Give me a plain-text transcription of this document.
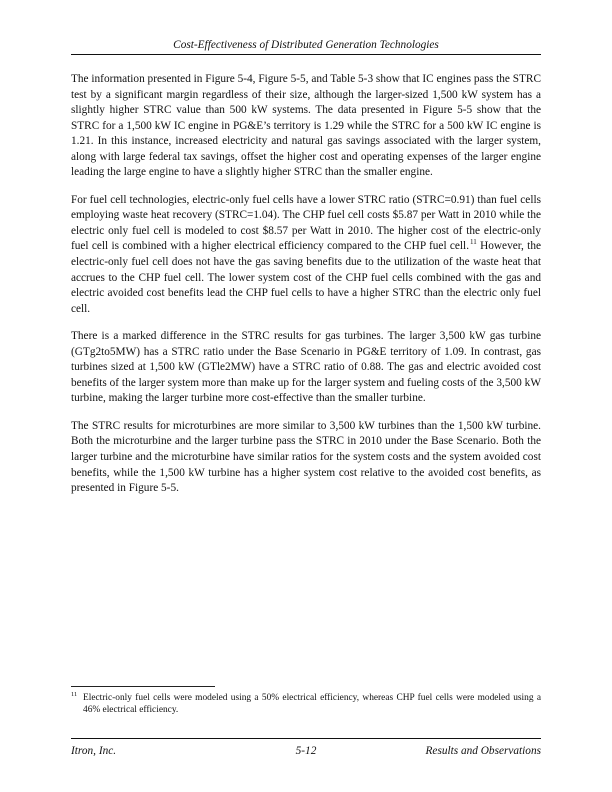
Cost-Effectiveness of Distributed Generation Technologies

The information presented in Figure 5-4, Figure 5-5, and Table 5-3 show that IC engines pass the STRC test by a significant margin regardless of their size, although the larger-sized 1,500 kW system has a slightly higher STRC value than 500 kW systems. The data presented in Figure 5-5 show that the STRC for a 1,500 kW IC engine in PG&E’s territory is 1.29 while the STRC for a 500 kW IC engine is 1.21. In this instance, increased electricity and natural gas savings associated with the larger system, along with large federal tax savings, offset the higher cost and operating expenses of the larger engine leading the large engine to have a slightly higher STRC than the smaller engine.

For fuel cell technologies, electric-only fuel cells have a lower STRC ratio (STRC=0.91) than fuel cells employing waste heat recovery (STRC=1.04). The CHP fuel cell costs $5.87 per Watt in 2010 while the electric only fuel cell is modeled to cost $8.57 per Watt in 2010. The higher cost of the electric-only fuel cell is combined with a higher electrical efficiency compared to the CHP fuel cell.$^{11}$ However, the electric-only fuel cell does not have the gas saving benefits due to the utilization of the waste heat that accrues to the CHP fuel cell. The lower system cost of the CHP fuel cells combined with the gas and electric avoided cost benefits lead the CHP fuel cells to have a higher STRC than the electric only fuel cell.

There is a marked difference in the STRC results for gas turbines. The larger 3,500 kW gas turbine (GTg2to5MW) has a STRC ratio under the Base Scenario in PG&E territory of 1.09. In contrast, gas turbines sized at 1,500 kW (GTle2MW) have a STRC ratio of 0.88. The gas and electric avoided cost benefits of the larger system more than make up for the larger system and fueling costs of the 3,500 kW turbine, making the larger turbine more cost-effective than the smaller turbine.

The STRC results for microturbines are more similar to 3,500 kW turbines than the 1,500 kW turbine. Both the microturbine and the larger turbine pass the STRC in 2010 under the Base Scenario. Both the larger turbine and the microturbine have similar ratios for the system costs and the system avoided cost benefits, while the 1,500 kW turbine has a higher system cost relative to the avoided cost benefits, as presented in Figure 5-5.

11 Electric-only fuel cells were modeled using a 50% electrical efficiency, whereas CHP fuel cells were modeled using a 46% electrical efficiency.
Itron, Inc.	5-12	Results and Observations
